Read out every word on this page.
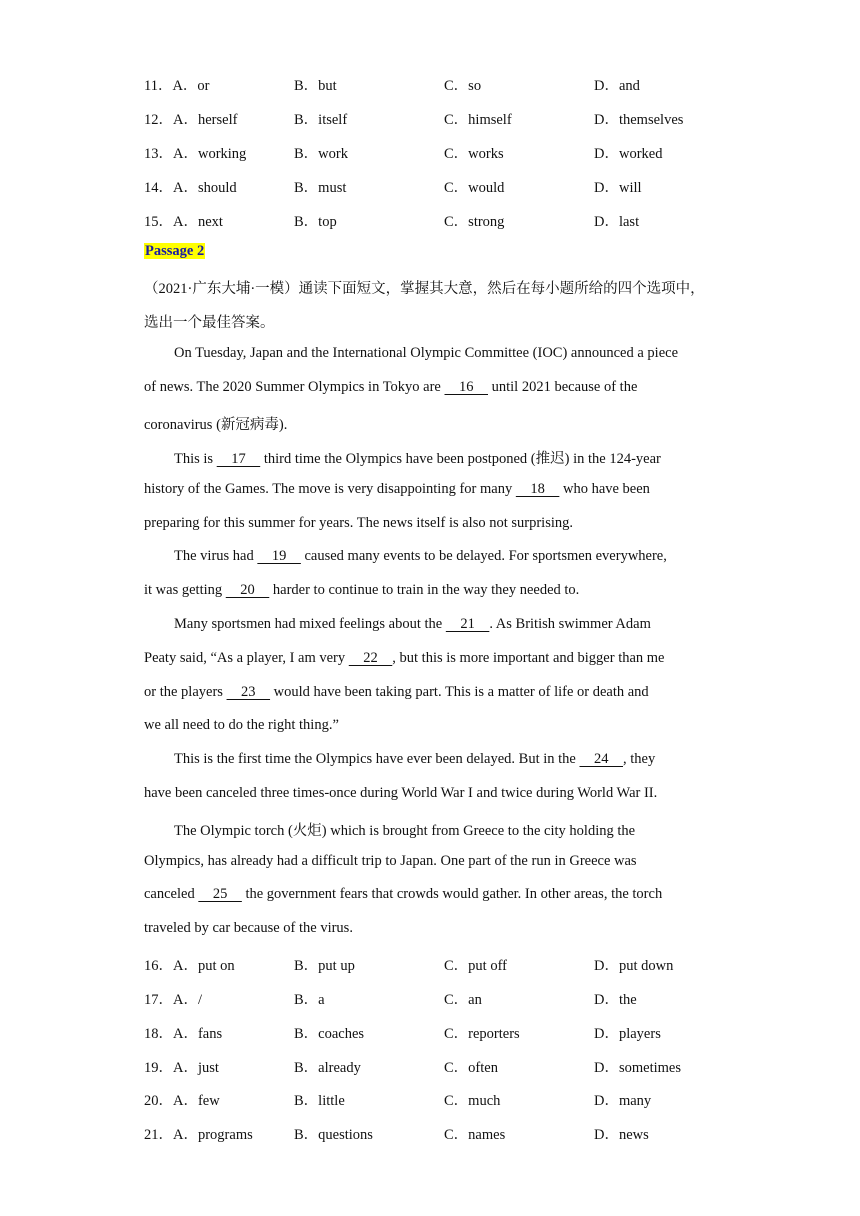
11．A．or	B．but	C．so	D．and
12．A．herself	B．itself	C．himself	D．themselves
13．A．working	B．work	C．works	D．worked
14．A．should	B．must	C．would	D．will
15．A．next	B．top	C．strong	D．last
Passage 2
（2021·广东大埔·一模）通读下面短文，掌握其大意，然后在每小题所给的四个选项中，
选出一个最佳答案。
On Tuesday, Japan and the International Olympic Committee (IOC) announced a piece
of news. The 2020 Summer Olympics in Tokyo are     16     until 2021 because of the
coronavirus (新冠病毒).
This is     17     third time the Olympics have been postponed (推迟) in the 124-year
history of the Games. The move is very disappointing for many     18     who have been
preparing for this summer for years. The news itself is also not surprising.
The virus had     19     caused many events to be delayed. For sportsmen everywhere,
it was getting     20     harder to continue to train in the way they needed to.
Many sportsmen had mixed feelings about the     21    . As British swimmer Adam
Peaty said, “As a player, I am very     22    , but this is more important and bigger than me
or the players     23     would have been taking part. This is a matter of life or death and
we all need to do the right thing.”
This is the first time the Olympics have ever been delayed. But in the     24    , they
have been canceled three times-once during World War I and twice during World War II.
The Olympic torch (火炬) which is brought from Greece to the city holding the
Olympics, has already had a difficult trip to Japan. One part of the run in Greece was
canceled     25     the government fears that crowds would gather. In other areas, the torch
traveled by car because of the virus.
16．A．put on	B．put up	C．put off	D．put down
17．A．/	B．a	C．an	D．the
18．A．fans	B．coaches	C．reporters	D．players
19．A．just	B．already	C．often	D．sometimes
20．A．few	B．little	C．much	D．many
21．A．programs	B．questions	C．names	D．news
